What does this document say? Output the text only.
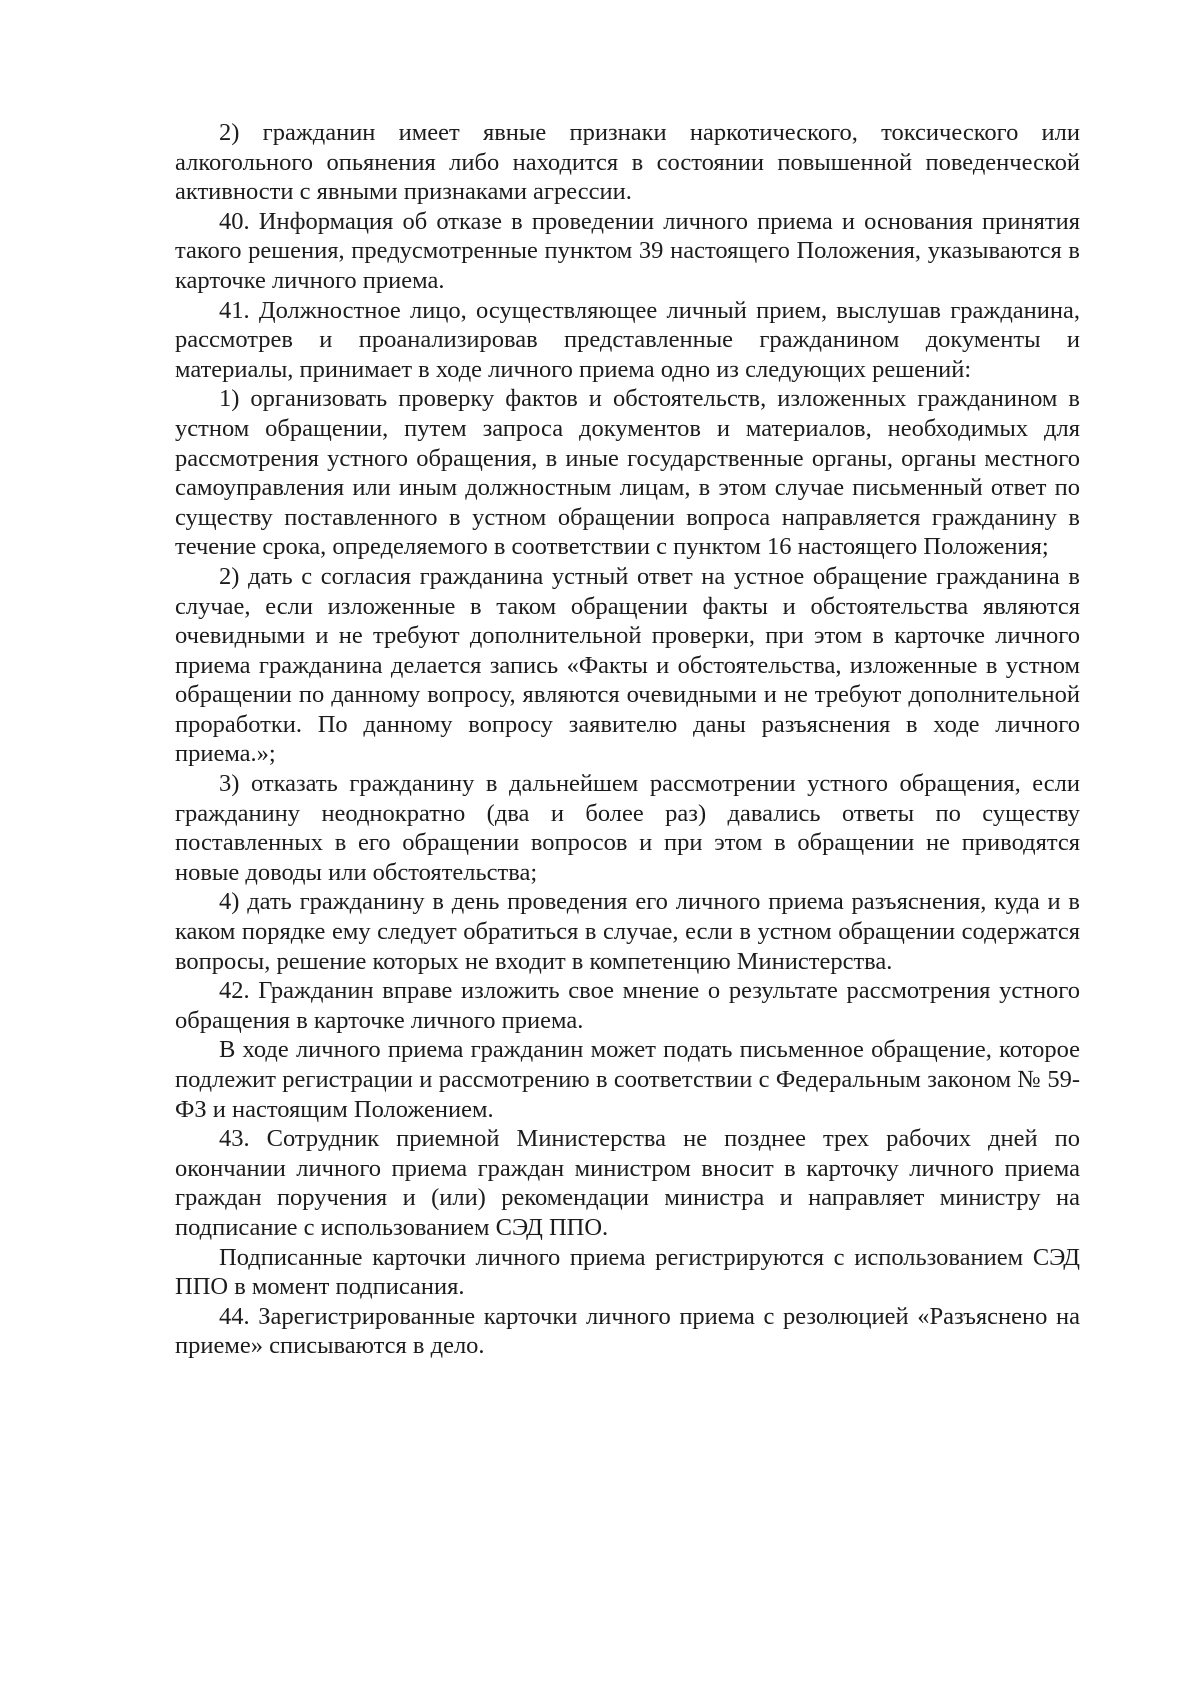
2) гражданин имеет явные признаки наркотического, токсического или алкогольного опьянения либо находится в состоянии повышенной поведенческой активности с явными признаками агрессии.

40. Информация об отказе в проведении личного приема и основания принятия такого решения, предусмотренные пунктом 39 настоящего Положения, указываются в карточке личного приема.

41. Должностное лицо, осуществляющее личный прием, выслушав гражданина, рассмотрев и проанализировав представленные гражданином документы и материалы, принимает в ходе личного приема одно из следующих решений:

1) организовать проверку фактов и обстоятельств, изложенных гражданином в устном обращении, путем запроса документов и материалов, необходимых для рассмотрения устного обращения, в иные государственные органы, органы местного самоуправления или иным должностным лицам, в этом случае письменный ответ по существу поставленного в устном обращении вопроса направляется гражданину в течение срока, определяемого в соответствии с пунктом 16 настоящего Положения;

2) дать с согласия гражданина устный ответ на устное обращение гражданина в случае, если изложенные в таком обращении факты и обстоятельства являются очевидными и не требуют дополнительной проверки, при этом в карточке личного приема гражданина делается запись «Факты и обстоятельства, изложенные в устном обращении по данному вопросу, являются очевидными и не требуют дополнительной проработки. По данному вопросу заявителю даны разъяснения в ходе личного приема.»;

3) отказать гражданину в дальнейшем рассмотрении устного обращения, если гражданину неоднократно (два и более раз) давались ответы по существу поставленных в его обращении вопросов и при этом в обращении не приводятся новые доводы или обстоятельства;

4) дать гражданину в день проведения его личного приема разъяснения, куда и в каком порядке ему следует обратиться в случае, если в устном обращении содержатся вопросы, решение которых не входит в компетенцию Министерства.

42. Гражданин вправе изложить свое мнение о результате рассмотрения устного обращения в карточке личного приема.

В ходе личного приема гражданин может подать письменное обращение, которое подлежит регистрации и рассмотрению в соответствии с Федеральным законом № 59-ФЗ и настоящим Положением.

43. Сотрудник приемной Министерства не позднее трех рабочих дней по окончании личного приема граждан министром вносит в карточку личного приема граждан поручения и (или) рекомендации министра и направляет министру на подписание с использованием СЭД ППО.

Подписанные карточки личного приема регистрируются с использованием СЭД ППО в момент подписания.

44. Зарегистрированные карточки личного приема с резолюцией «Разъяснено на приеме» списываются в дело.
